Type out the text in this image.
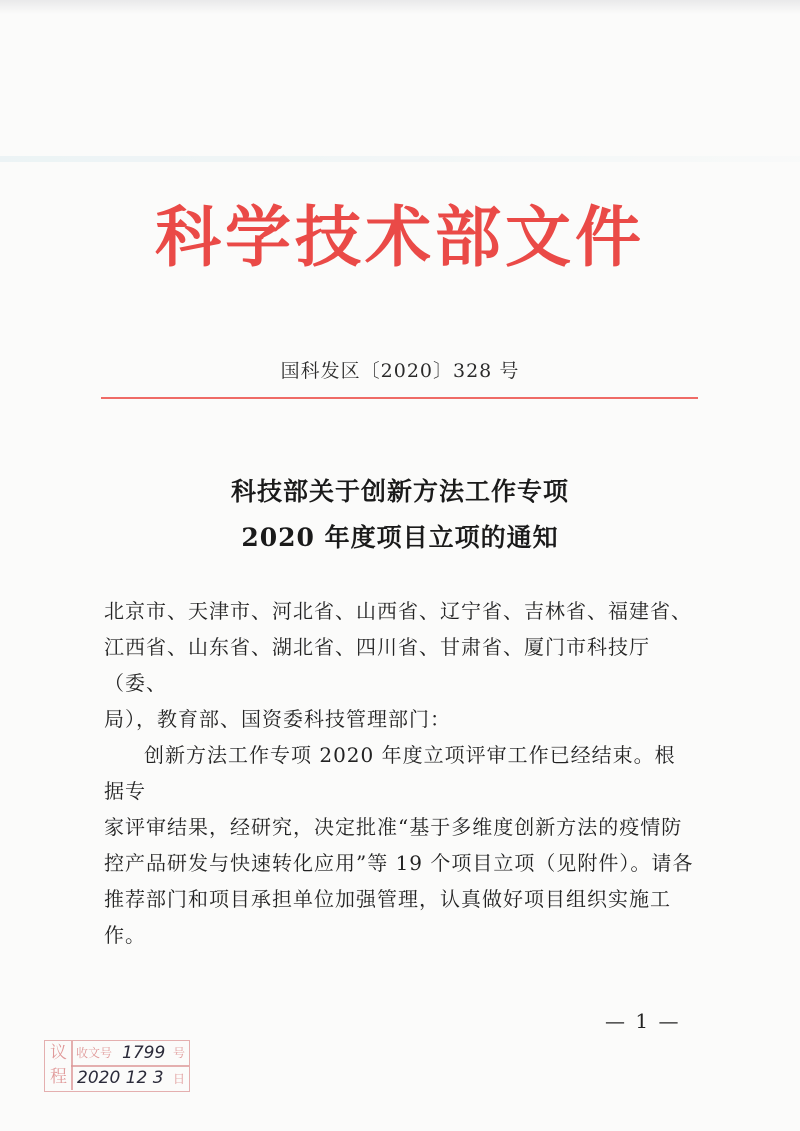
科学技术部文件
国科发区〔2020〕328 号
科技部关于创新方法工作专项
2020 年度项目立项的通知

北京市、天津市、河北省、山西省、辽宁省、吉林省、福建省、

江西省、山东省、湖北省、四川省、甘肃省、厦门市科技厅（委、

局），教育部、国资委科技管理部门：

创新方法工作专项 2020 年度立项评审工作已经结束。根据专

家评审结果，经研究，决定批准“基于多维度创新方法的疫情防

控产品研发与快速转化应用”等 19 个项目立项（见附件）。请各

推荐部门和项目承担单位加强管理，认真做好项目组织实施工作。

— 1 —
议
程
收文号 1799 号
2020 12 3 日
